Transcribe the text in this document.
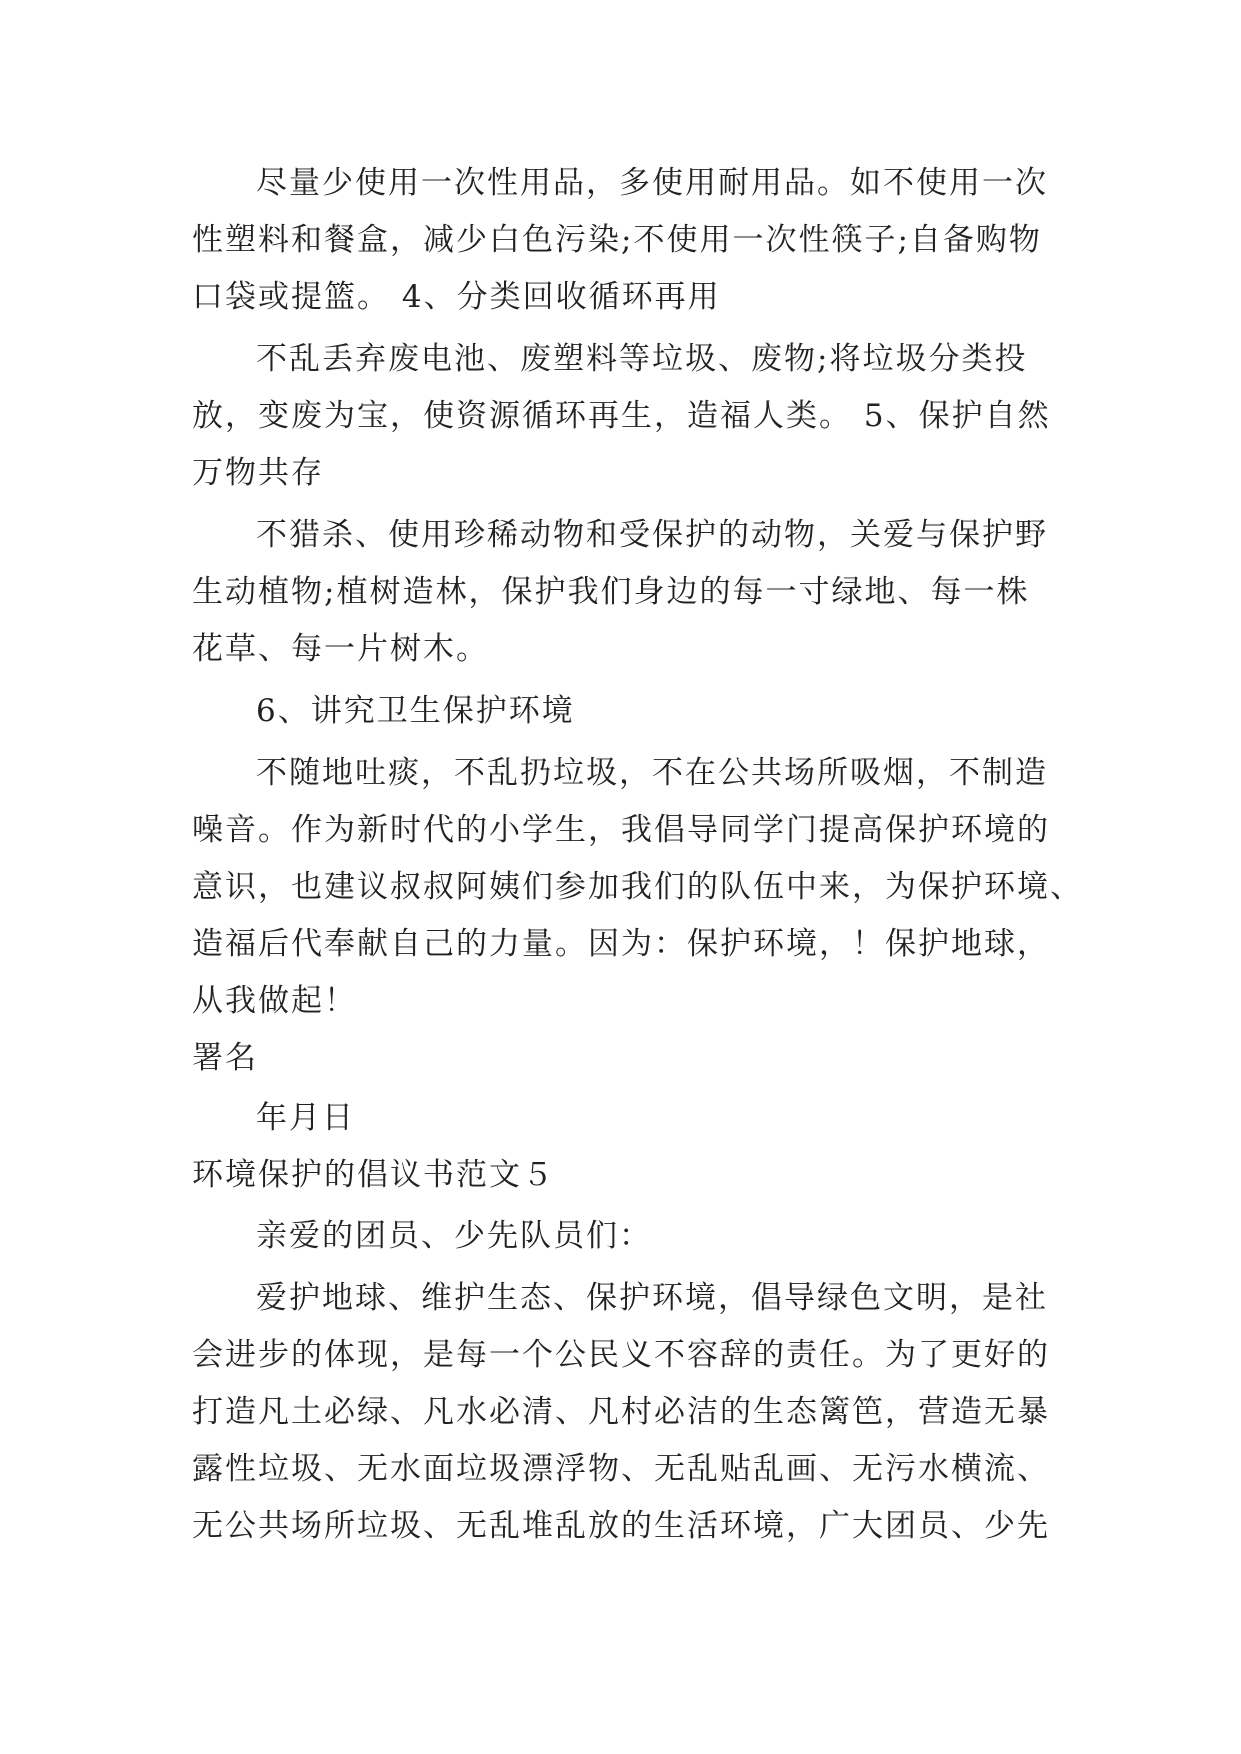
尽量少使用一次性用品，多使用耐用品。如不使用一次
性塑料和餐盒，减少白色污染;不使用一次性筷子;自备购物
口袋或提篮。 4、分类回收循环再用
不乱丢弃废电池、废塑料等垃圾、废物;将垃圾分类投
放，变废为宝，使资源循环再生，造福人类。 5、保护自然
万物共存
不猎杀、使用珍稀动物和受保护的动物，关爱与保护野
生动植物;植树造林，保护我们身边的每一寸绿地、每一株
花草、每一片树木。
6、讲究卫生保护环境
不随地吐痰，不乱扔垃圾，不在公共场所吸烟，不制造
噪音。作为新时代的小学生，我倡导同学门提高保护环境的
意识，也建议叔叔阿姨们参加我们的队伍中来，为保护环境、
造福后代奉献自己的力量。因为：保护环境，！保护地球，
从我做起！
署名
年月日
环境保护的倡议书范文５
亲爱的团员、少先队员们：
爱护地球、维护生态、保护环境，倡导绿色文明，是社
会进步的体现，是每一个公民义不容辞的责任。为了更好的
打造凡土必绿、凡水必清、凡村必洁的生态篱笆，营造无暴
露性垃圾、无水面垃圾漂浮物、无乱贴乱画、无污水横流、
无公共场所垃圾、无乱堆乱放的生活环境，广大团员、少先
